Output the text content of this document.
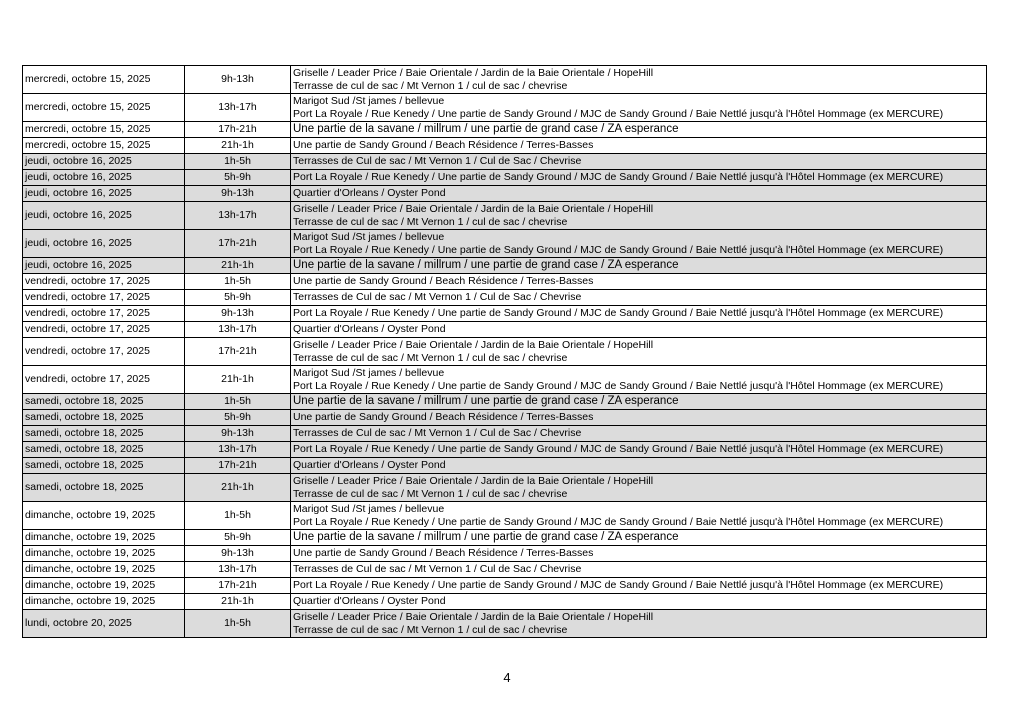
mercredi, octobre 15, 2025	9h-13h	Griselle / Leader Price / Baie Orientale / Jardin de la Baie Orientale / HopeHill
Terrasse de cul de sac / Mt Vernon 1 / cul de sac / chevrise

mercredi, octobre 15, 2025	13h-17h	Marigot Sud /St james / bellevue
Port La Royale / Rue Kenedy / Une partie de Sandy Ground / MJC de Sandy Ground / Baie Nettlé jusqu'à l'Hôtel Hommage (ex MERCURE)

mercredi, octobre 15, 2025	17h-21h	Une partie de la savane / millrum / une partie de grand case / ZA esperance

mercredi, octobre 15, 2025	21h-1h	Une partie de Sandy Ground / Beach Résidence / Terres-Basses

jeudi, octobre 16, 2025	1h-5h	Terrasses de Cul de sac / Mt Vernon 1 / Cul de Sac / Chevrise

jeudi, octobre 16, 2025	5h-9h	Port La Royale / Rue Kenedy / Une partie de Sandy Ground / MJC de Sandy Ground / Baie Nettlé jusqu'à l'Hôtel Hommage (ex MERCURE)

jeudi, octobre 16, 2025	9h-13h	Quartier d'Orleans / Oyster Pond

jeudi, octobre 16, 2025	13h-17h	Griselle / Leader Price / Baie Orientale / Jardin de la Baie Orientale / HopeHill
Terrasse de cul de sac / Mt Vernon 1 / cul de sac / chevrise

jeudi, octobre 16, 2025	17h-21h	Marigot Sud /St james / bellevue
Port La Royale / Rue Kenedy / Une partie de Sandy Ground / MJC de Sandy Ground / Baie Nettlé jusqu'à l'Hôtel Hommage (ex MERCURE)

jeudi, octobre 16, 2025	21h-1h	Une partie de la savane / millrum / une partie de grand case / ZA esperance

vendredi, octobre 17, 2025	1h-5h	Une partie de Sandy Ground / Beach Résidence / Terres-Basses

vendredi, octobre 17, 2025	5h-9h	Terrasses de Cul de sac / Mt Vernon 1 / Cul de Sac / Chevrise

vendredi, octobre 17, 2025	9h-13h	Port La Royale / Rue Kenedy / Une partie de Sandy Ground / MJC de Sandy Ground / Baie Nettlé jusqu'à l'Hôtel Hommage (ex MERCURE)

vendredi, octobre 17, 2025	13h-17h	Quartier d'Orleans / Oyster Pond

vendredi, octobre 17, 2025	17h-21h	Griselle / Leader Price / Baie Orientale / Jardin de la Baie Orientale / HopeHill
Terrasse de cul de sac / Mt Vernon 1 / cul de sac / chevrise

vendredi, octobre 17, 2025	21h-1h	Marigot Sud /St james / bellevue
Port La Royale / Rue Kenedy / Une partie de Sandy Ground / MJC de Sandy Ground / Baie Nettlé jusqu'à l'Hôtel Hommage (ex MERCURE)

samedi, octobre 18, 2025	1h-5h	Une partie de la savane / millrum / une partie de grand case / ZA esperance

samedi, octobre 18, 2025	5h-9h	Une partie de Sandy Ground / Beach Résidence / Terres-Basses

samedi, octobre 18, 2025	9h-13h	Terrasses de Cul de sac / Mt Vernon 1 / Cul de Sac / Chevrise

samedi, octobre 18, 2025	13h-17h	Port La Royale / Rue Kenedy / Une partie de Sandy Ground / MJC de Sandy Ground / Baie Nettlé jusqu'à l'Hôtel Hommage (ex MERCURE)

samedi, octobre 18, 2025	17h-21h	Quartier d'Orleans / Oyster Pond

samedi, octobre 18, 2025	21h-1h	Griselle / Leader Price / Baie Orientale / Jardin de la Baie Orientale / HopeHill
Terrasse de cul de sac / Mt Vernon 1 / cul de sac / chevrise

dimanche, octobre 19, 2025	1h-5h	Marigot Sud /St james / bellevue
Port La Royale / Rue Kenedy / Une partie de Sandy Ground / MJC de Sandy Ground / Baie Nettlé jusqu'à l'Hôtel Hommage (ex MERCURE)

dimanche, octobre 19, 2025	5h-9h	Une partie de la savane / millrum / une partie de grand case / ZA esperance

dimanche, octobre 19, 2025	9h-13h	Une partie de Sandy Ground / Beach Résidence / Terres-Basses

dimanche, octobre 19, 2025	13h-17h	Terrasses de Cul de sac / Mt Vernon 1 / Cul de Sac / Chevrise

dimanche, octobre 19, 2025	17h-21h	Port La Royale / Rue Kenedy / Une partie de Sandy Ground / MJC de Sandy Ground / Baie Nettlé jusqu'à l'Hôtel Hommage (ex MERCURE)

dimanche, octobre 19, 2025	21h-1h	Quartier d'Orleans / Oyster Pond

lundi, octobre 20, 2025	1h-5h	Griselle / Leader Price / Baie Orientale / Jardin de la Baie Orientale / HopeHill
Terrasse de cul de sac / Mt Vernon 1 / cul de sac / chevrise
4
